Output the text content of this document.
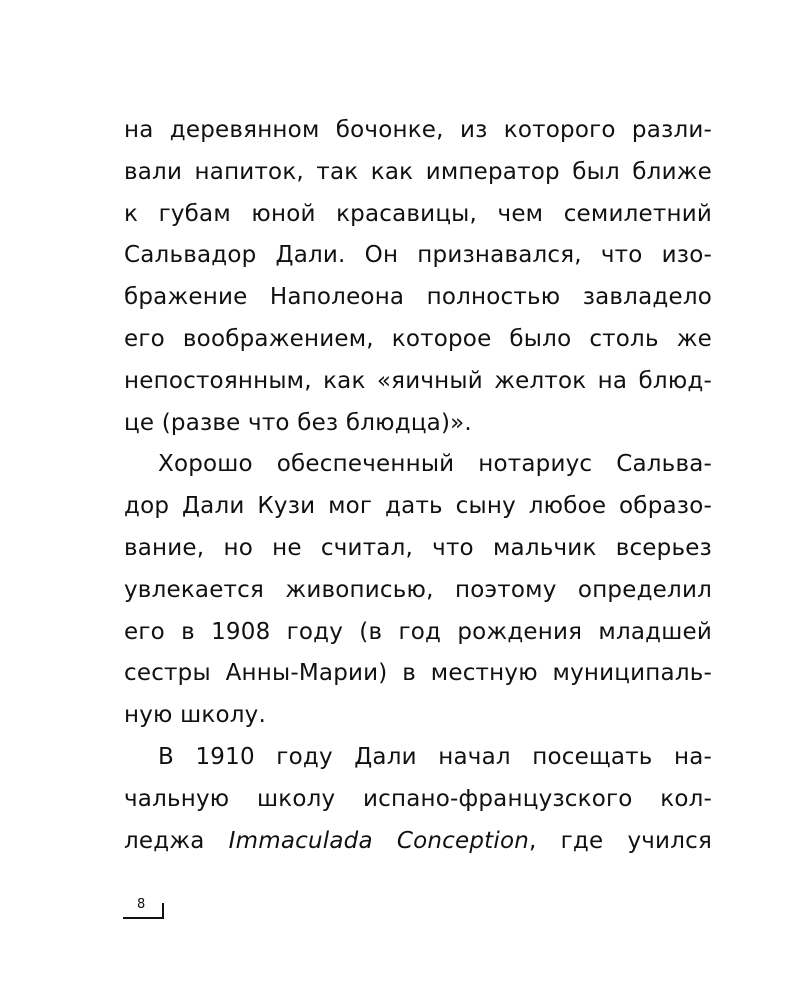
на деревянном бочонке, из которого разли-
вали напиток, так как император был ближе
к губам юной красавицы, чем семилетний
Сальвадор Дали. Он признавался, что изо-
бражение Наполеона полностью завладело
его воображением, которое было столь же
непостоянным, как «яичный желток на блюд-
це (разве что без блюдца)».
Хорошо обеспеченный нотариус Сальва-
дор Дали Кузи мог дать сыну любое образо-
вание, но не считал, что мальчик всерьез
увлекается живописью, поэтому определил
его в 1908 году (в год рождения младшей
сестры Анны-Марии) в местную муниципаль-
ную школу.
В 1910 году Дали начал посещать на-
чальную школу испано-французского кол-
леджа Immaculada Conception, где учился
8
